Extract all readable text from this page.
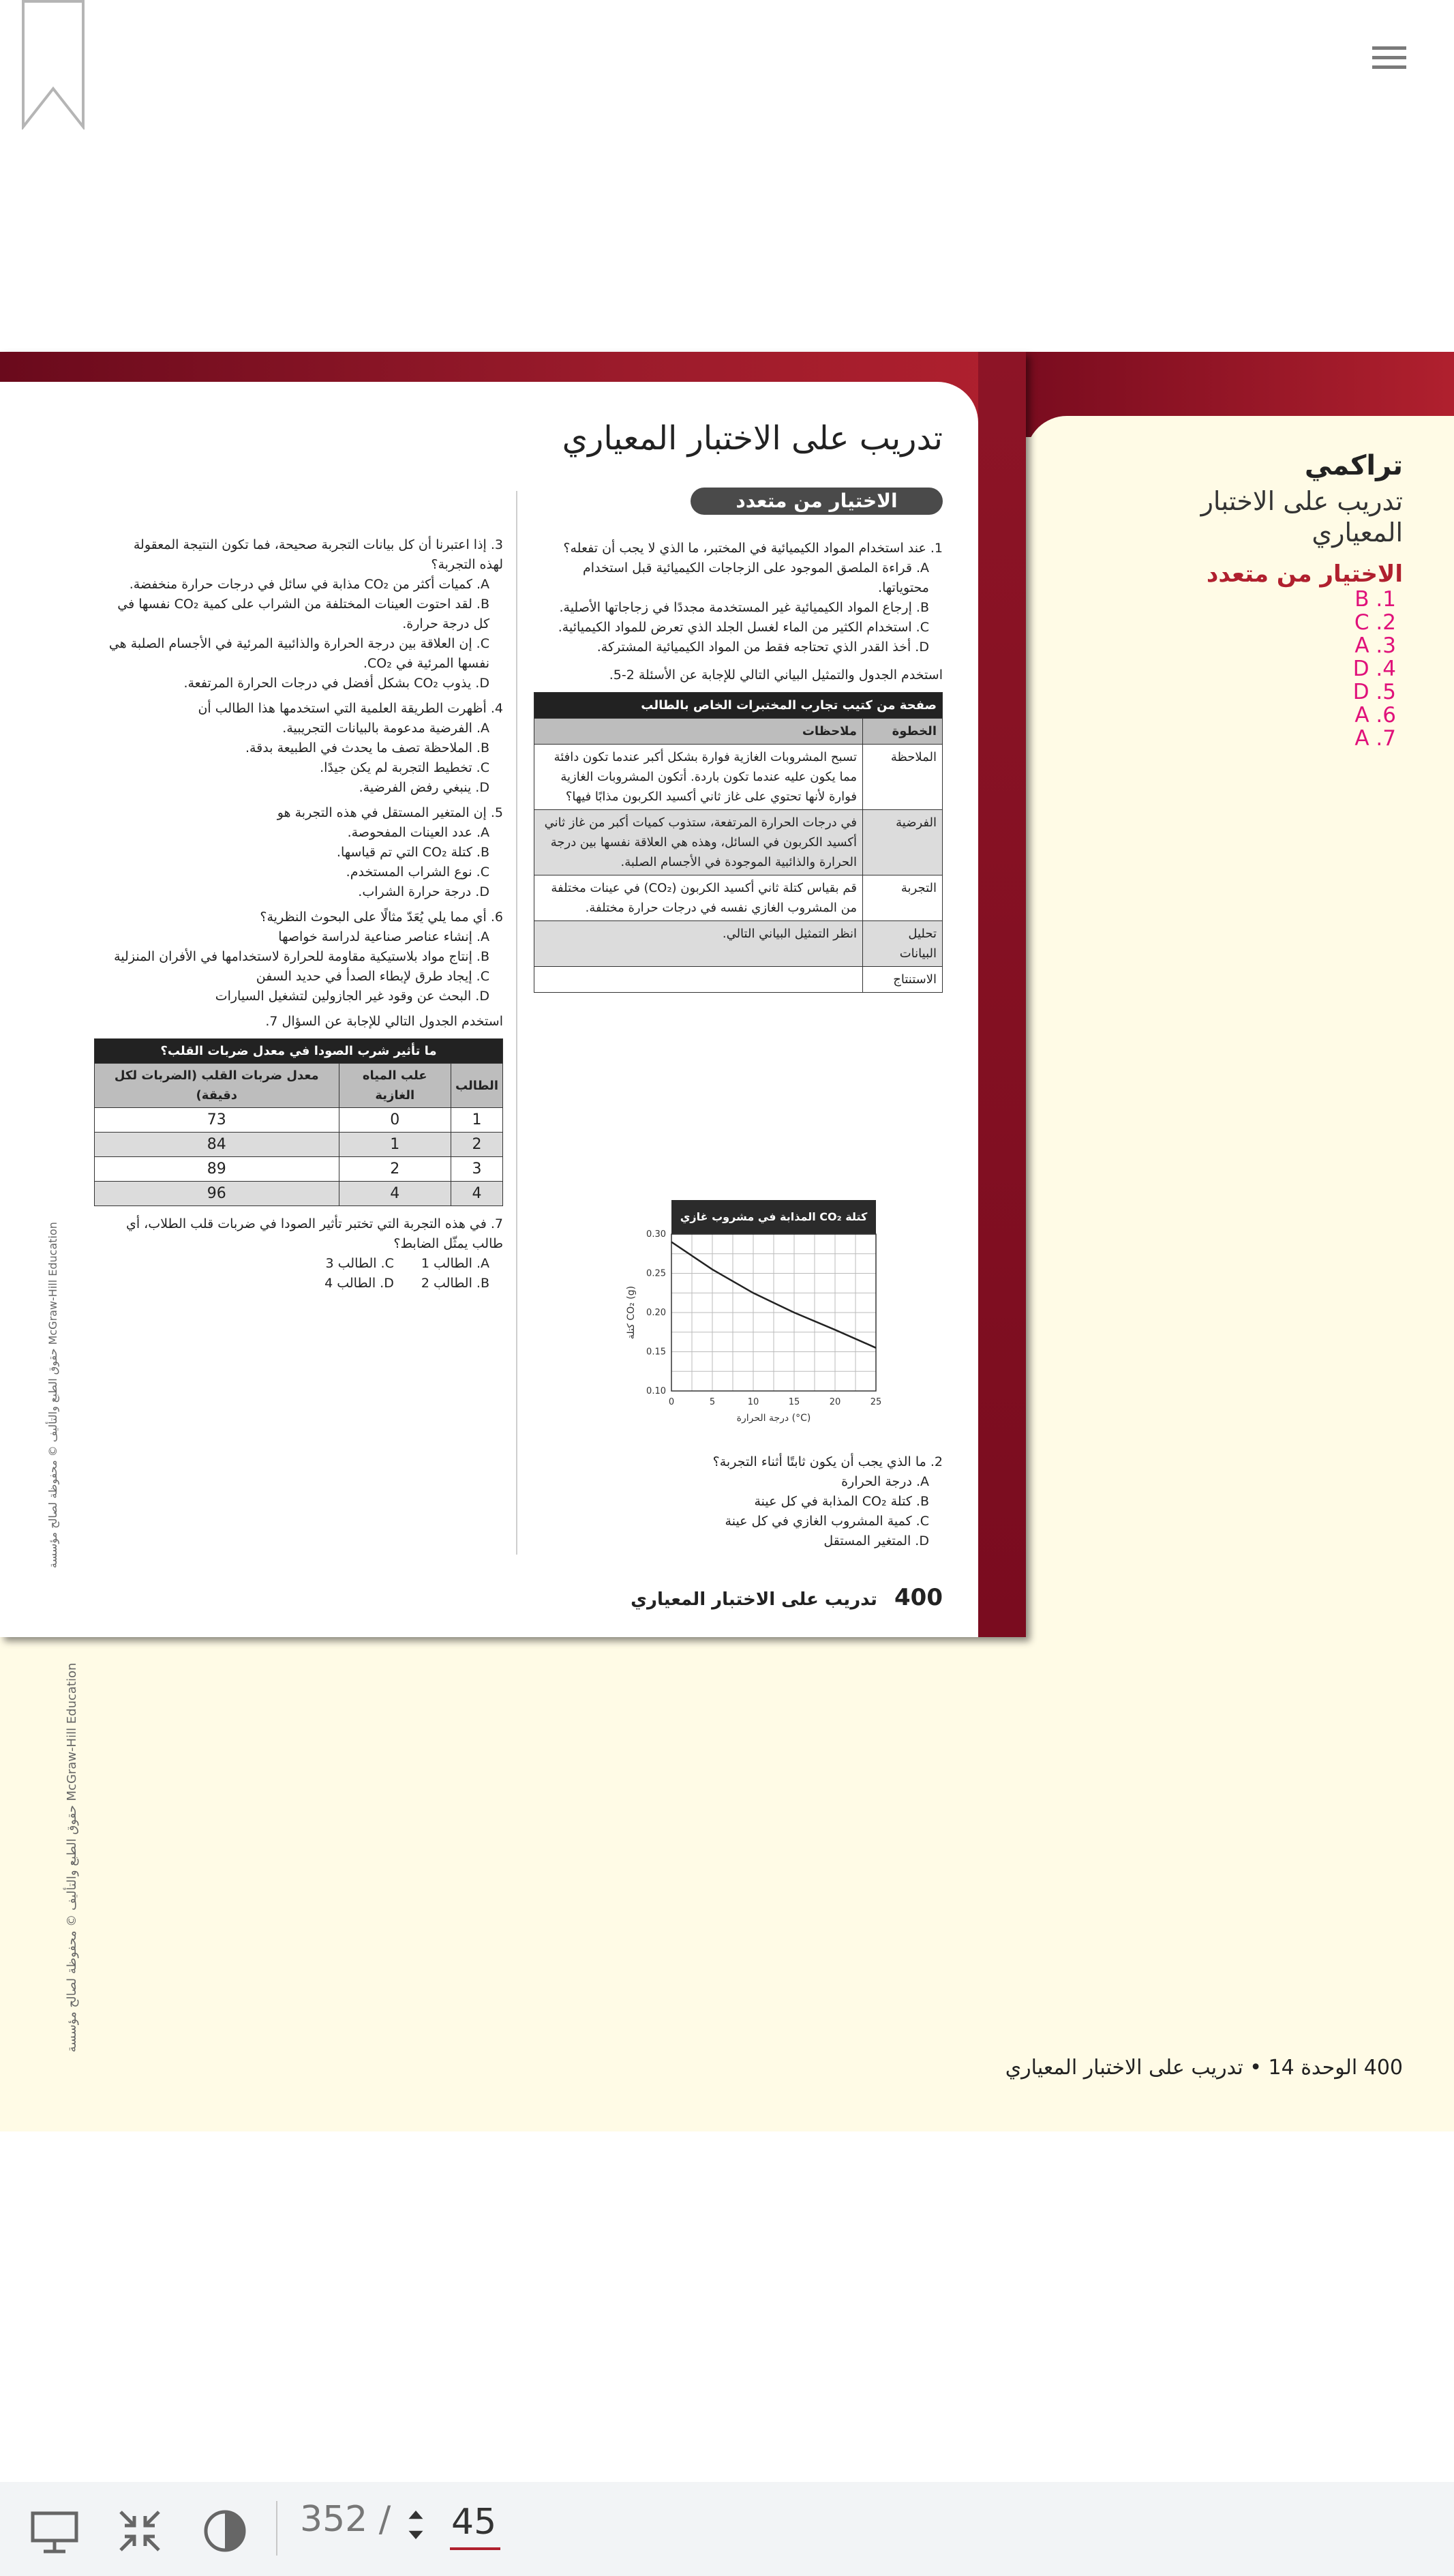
تدريب على الاختبار المعياري
الاختيار من متعدد
1. عند استخدام المواد الكيميائية في المختبر، ما الذي لا يجب أن تفعله؟
A. قراءة الملصق الموجود على الزجاجات الكيميائية قبل استخدام محتوياتها.
B. إرجاع المواد الكيميائية غير المستخدمة مجددًا في زجاجاتها الأصلية.
C. استخدام الكثير من الماء لغسل الجلد الذي تعرض للمواد الكيميائية.
D. أخذ القدر الذي تحتاجه فقط من المواد الكيميائية المشتركة.
استخدم الجدول والتمثيل البياني التالي للإجابة عن الأسئلة 2-5.
صفحة من كتيب تجارب المختبرات الخاص بالطالب	
الخطوة	ملاحظات
الملاحظة	تسبح المشروبات الغازية فوارة بشكل أكبر عندما تكون دافئة مما يكون عليه عندما تكون باردة. أتكون المشروبات الغازية فوارة لأنها تحتوي على غاز ثاني أكسيد الكربون مذابًا فيها؟
الفرضية	في درجات الحرارة المرتفعة، ستذوب كميات أكبر من غاز ثاني أكسيد الكربون في السائل، وهذه هي العلاقة نفسها بين درجة الحرارة والذائبية الموجودة في الأجسام الصلبة.
التجربة	قم بقياس كتلة ثاني أكسيد الكربون (CO₂) في عينات مختلفة من المشروب الغازي نفسه في درجات حرارة مختلفة.
تحليل البيانات	انظر التمثيل البياني التالي.
الاستنتاج	
كتلة CO₂ المذابة في مشروب غازي
0	5	10	15	20	25
0.10
0.15
0.20
0.25
0.30
درجة الحرارة (°C)
كتلة CO₂ (g)
2. ما الذي يجب أن يكون ثابتًا أثناء التجربة؟
A. درجة الحرارة
B. كتلة CO₂ المذابة في كل عينة
C. كمية المشروب الغازي في كل عينة
D. المتغير المستقل
3. إذا اعتبرنا أن كل بيانات التجربة صحيحة، فما تكون النتيجة المعقولة لهذه التجربة؟
A. كميات أكثر من CO₂ مذابة في سائل في درجات حرارة منخفضة.
B. لقد احتوت العينات المختلفة من الشراب على كمية CO₂ نفسها في كل درجة حرارة.
C. إن العلاقة بين درجة الحرارة والذائبية المرئية في الأجسام الصلبة هي نفسها المرئية في CO₂.
D. يذوب CO₂ بشكل أفضل في درجات الحرارة المرتفعة.
4. أظهرت الطريقة العلمية التي استخدمها هذا الطالب أن
A. الفرضية مدعومة بالبيانات التجريبية.
B. الملاحظة تصف ما يحدث في الطبيعة بدقة.
C. تخطيط التجربة لم يكن جيدًا.
D. ينبغي رفض الفرضية.
5. إن المتغير المستقل في هذه التجربة هو
A. عدد العينات المفحوصة.
B. كتلة CO₂ التي تم قياسها.
C. نوع الشراب المستخدم.
D. درجة حرارة الشراب.
6. أي مما يلي يُعَدّ مثالًا على البحوث النظرية؟
A. إنشاء عناصر صناعية لدراسة خواصها
B. إنتاج مواد بلاستيكية مقاومة للحرارة لاستخدامها في الأفران المنزلية
C. إيجاد طرق لإبطاء الصدأ في حديد السفن
D. البحث عن وقود غير الجازولين لتشغيل السيارات
استخدم الجدول التالي للإجابة عن السؤال 7.
ما تأثير شرب الصودا في معدل ضربات القلب؟		
الطالب	علب المياه الغازية	معدل ضربات القلب (الضربات لكل دقيقة)
1	0	73
2	1	84
3	2	89
4	4	96
7. في هذه التجربة التي تختبر تأثير الصودا في ضربات قلب الطلاب، أي طالب يمثّل الضابط؟
A. الطالب 1
C. الطالب 3
B. الطالب 2
D. الطالب 4
حقوق الطبع والتأليف © محفوظة لصالح مؤسسة McGraw-Hill Education
400 تدريب على الاختبار المعياري
تراكمي
تدريب على الاختبار المعياري
الاختيار من متعدد
B .1
C .2
A .3
D .4
D .5
A .6
A .7
حقوق الطبع والتأليف © محفوظة لصالح مؤسسة McGraw-Hill Education
400 الوحدة 14 • تدريب على الاختبار المعياري
352 /
45
